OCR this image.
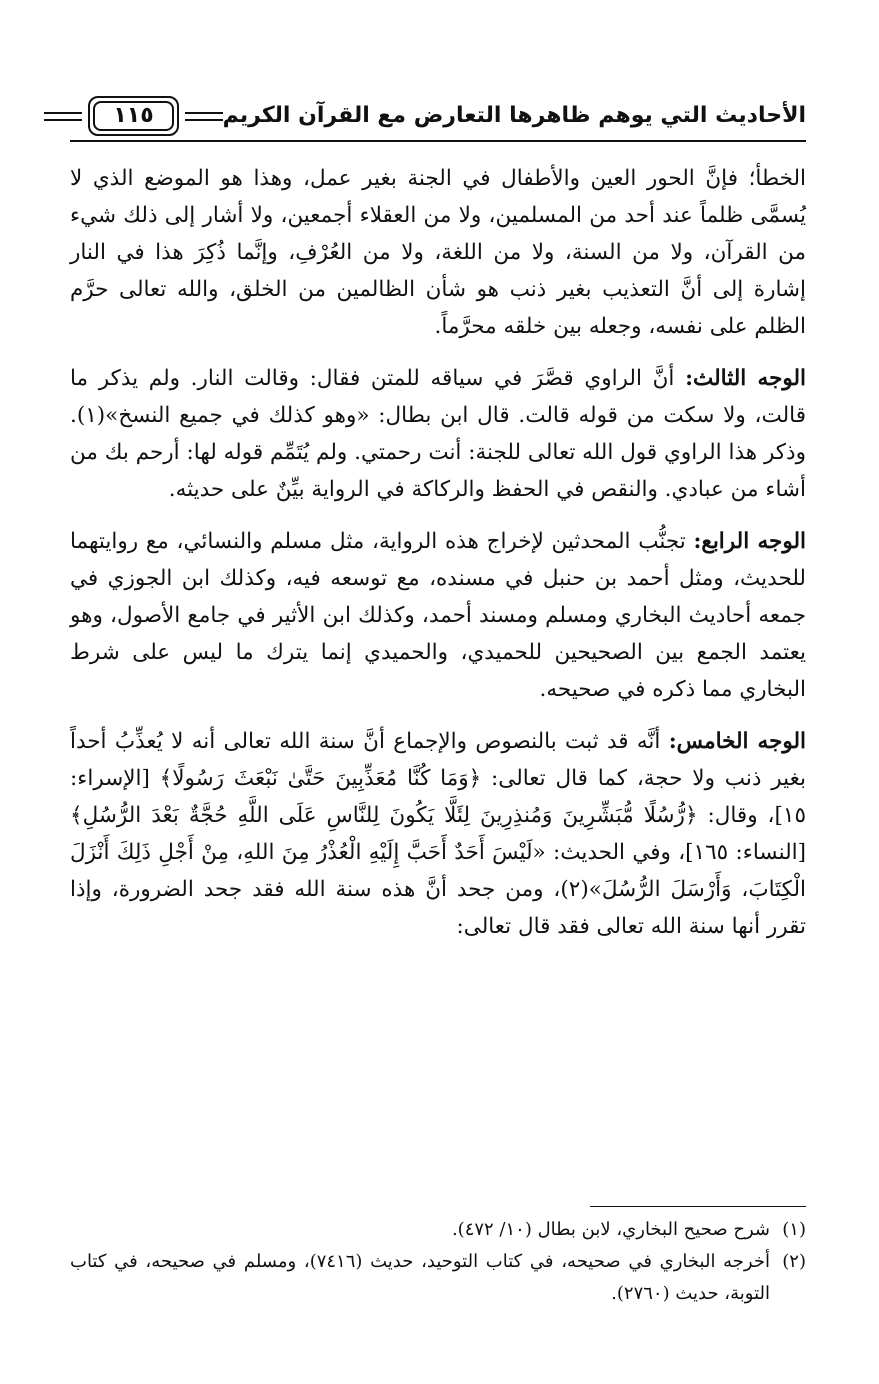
الأحاديث التي يوهم ظاهرها التعارض مع القرآن الكريم
١١٥

الخطأ؛ فإنَّ الحور العين والأطفال في الجنة بغير عمل، وهذا هو الموضع الذي لا يُسمَّى ظلماً عند أحد من المسلمين، ولا من العقلاء أجمعين، ولا أشار إلى ذلك شيء من القرآن، ولا من السنة، ولا من اللغة، ولا من العُرْفِ، وإنَّما ذُكِرَ هذا في النار إشارة إلى أنَّ التعذيب بغير ذنب هو شأن الظالمين من الخلق، والله تعالى حرَّم الظلم على نفسه، وجعله بين خلقه محرَّماً.

الوجه الثالث: أنَّ الراوي قصَّرَ في سياقه للمتن فقال: وقالت النار. ولم يذكر ما قالت، ولا سكت من قوله قالت. قال ابن بطال: «وهو كذلك في جميع النسخ»(١). وذكر هذا الراوي قول الله تعالى للجنة: أنت رحمتي. ولم يُتَمِّم قوله لها: أرحم بك من أشاء من عبادي. والنقص في الحفظ والركاكة في الرواية بيِّنٌ على حديثه.

الوجه الرابع: تجنُّب المحدثين لإخراج هذه الرواية، مثل مسلم والنسائي، مع روايتهما للحديث، ومثل أحمد بن حنبل في مسنده، مع توسعه فيه، وكذلك ابن الجوزي في جمعه أحاديث البخاري ومسلم ومسند أحمد، وكذلك ابن الأثير في جامع الأصول، وهو يعتمد الجمع بين الصحيحين للحميدي، والحميدي إنما يترك ما ليس على شرط البخاري مما ذكره في صحيحه.

الوجه الخامس: أنَّه قد ثبت بالنصوص والإجماع أنَّ سنة الله تعالى أنه لا يُعذِّبُ أحداً بغير ذنب ولا حجة، كما قال تعالى: ﴿وَمَا كُنَّا مُعَذِّبِينَ حَتَّىٰ نَبْعَثَ رَسُولًا﴾ [الإسراء: ١٥]، وقال: ﴿رُّسُلًا مُّبَشِّرِينَ وَمُنذِرِينَ لِئَلَّا يَكُونَ لِلنَّاسِ عَلَى اللَّهِ حُجَّةٌ بَعْدَ الرُّسُلِ﴾ [النساء: ١٦٥]، وفي الحديث: «لَيْسَ أَحَدٌ أَحَبَّ إِلَيْهِ الْعُذْرُ مِنَ اللهِ، مِنْ أَجْلِ ذَلِكَ أَنْزَلَ الْكِتَابَ، وَأَرْسَلَ الرُّسُلَ»(٢)، ومن جحد أنَّ هذه سنة الله فقد جحد الضرورة، وإذا تقرر أنها سنة الله تعالى فقد قال تعالى:

(١)
شرح صحيح البخاري، لابن بطال (١٠/ ٤٧٢).
(٢)
أخرجه البخاري في صحيحه، في كتاب التوحيد، حديث (٧٤١٦)، ومسلم في صحيحه، في كتاب التوبة، حديث (٢٧٦٠).
